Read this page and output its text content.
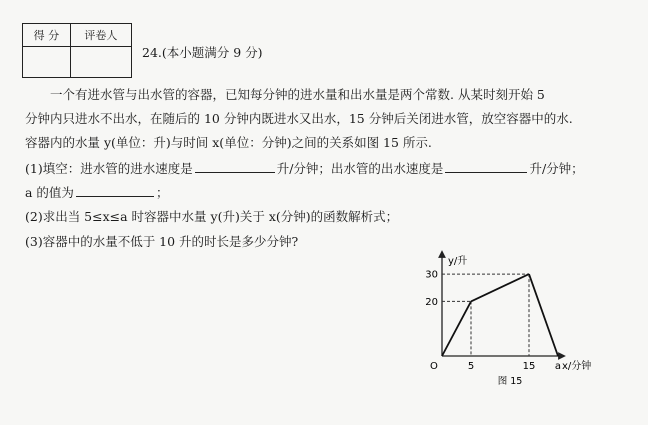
得 分	评卷人

24.(本小题满分 9 分)
一个有进水管与出水管的容器，已知每分钟的进水量和出水量是两个常数. 从某时刻开始 5
分钟内只进水不出水，在随后的 10 分钟内既进水又出水，15 分钟后关闭进水管，放空容器中的水.
容器内的水量 y(单位：升)与时间 x(单位：分钟)之间的关系如图 15 所示.
(1)填空：进水管的进水速度是	升/分钟；出水管的出水速度是	升/分钟；
a 的值为	；
(2)求出当 5≤x≤a 时容器中水量 y(升)关于 x(分钟)的函数解析式；
(3)容器中的水量不低于 10 升的时长是多少分钟?
y/升
x/分钟
O
图 15
20
30
5	15 a
